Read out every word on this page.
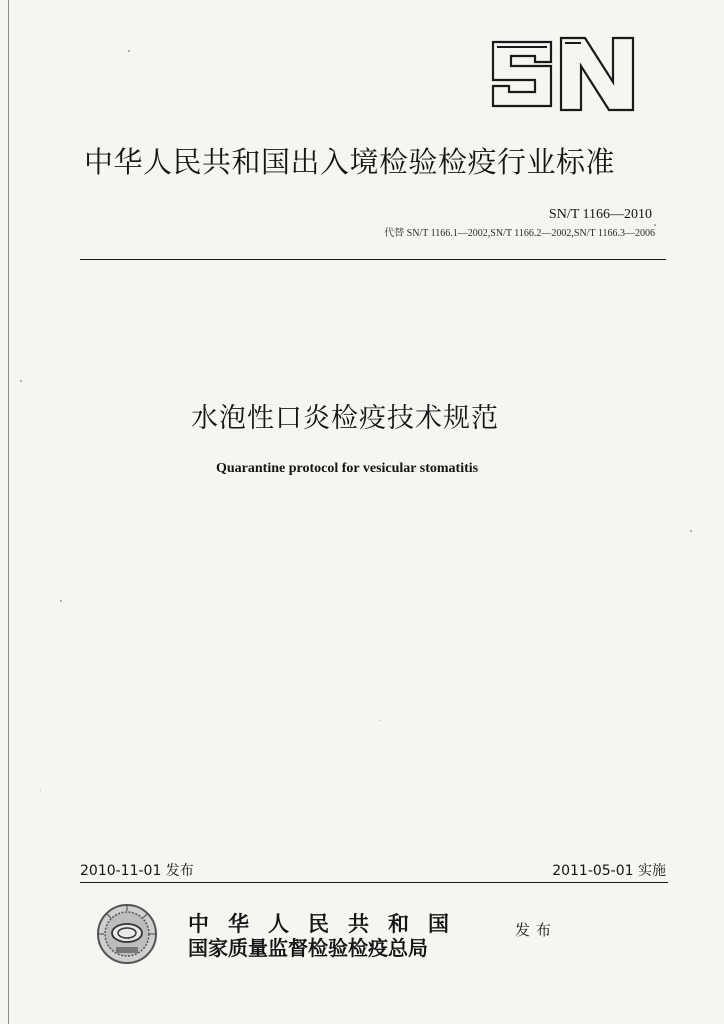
SN
中华人民共和国出入境检验检疫行业标准
SN/T 1166—2010
代替 SN/T 1166.1—2002,SN/T 1166.2—2002,SN/T 1166.3—2006
水泡性口炎检疫技术规范
Quarantine protocol for vesicular stomatitis
2010-11-01 发布	2011-05-01 实施
中华人民共和国
国家质量监督检验检疫总局
发布
